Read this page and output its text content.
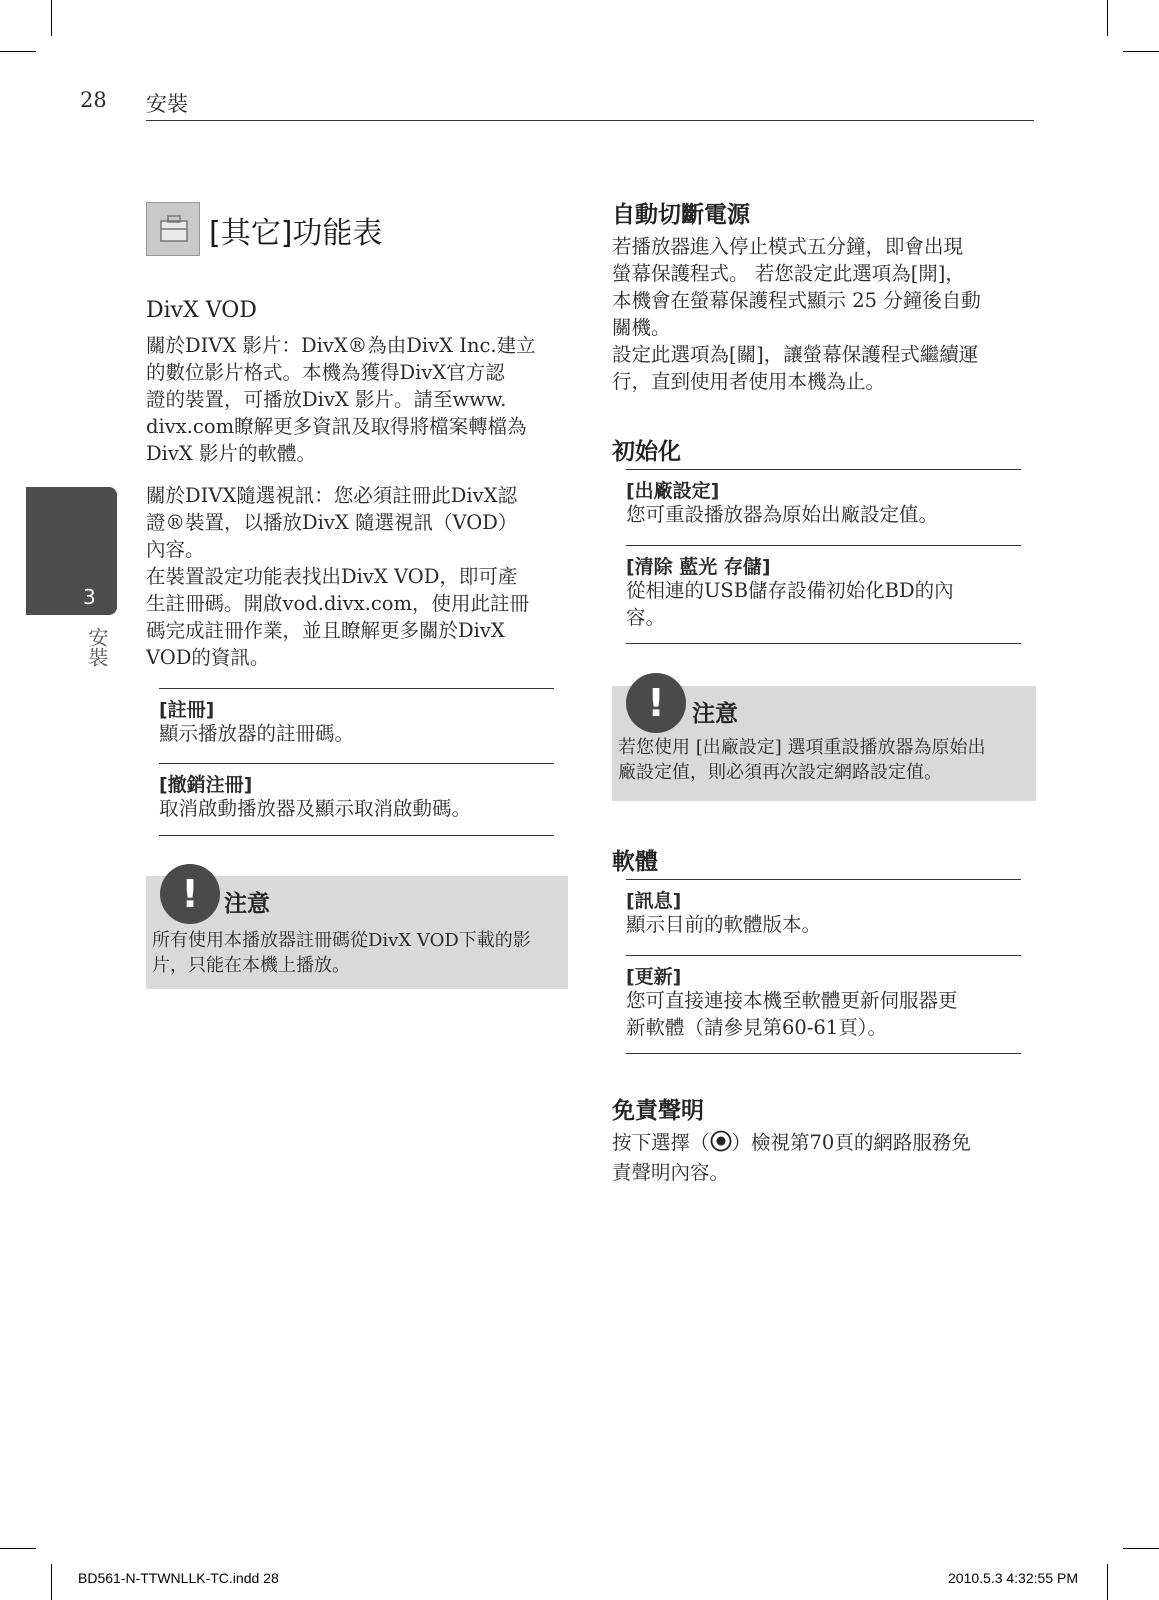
28 安裝
3
安裝
[其它]功能表
DivX VOD
關於DIVX 影片：DivX®為由DivX Inc.建立
的數位影片格式。本機為獲得DivX官方認
證的裝置，可播放DivX 影片。請至www.
divx.com瞭解更多資訊及取得將檔案轉檔為
DivX 影片的軟體。
關於DIVX隨選視訊：您必須註冊此DivX認
證®裝置，以播放DivX 隨選視訊（VOD）
內容。
在裝置設定功能表找出DivX VOD，即可產
生註冊碼。開啟vod.divx.com，使用此註冊
碼完成註冊作業，並且瞭解更多關於DivX
VOD的資訊。
[註冊]
顯示播放器的註冊碼。
[撤銷注冊]
取消啟動播放器及顯示取消啟動碼。
!	注意
所有使用本播放器註冊碼從DivX VOD下載的影
片，只能在本機上播放。
自動切斷電源
若播放器進入停止模式五分鐘，即會出現
螢幕保護程式。 若您設定此選項為[開]，
本機會在螢幕保護程式顯示 25 分鐘後自動
關機。
設定此選項為[關]，讓螢幕保護程式繼續運
行，直到使用者使用本機為止。
初始化
[出廠設定]
您可重設播放器為原始出廠設定值。
[清除 藍光 存儲]
從相連的USB儲存設備初始化BD的內
容。
!	注意
若您使用 [出廠設定] 選項重設播放器為原始出
廠設定值，則必須再次設定網路設定值。
軟體
[訊息]
顯示目前的軟體版本。
[更新]
您可直接連接本機至軟體更新伺服器更
新軟體（請參見第60-61頁）。
免責聲明
按下選擇（ ）檢視第70頁的網路服務免
責聲明內容。
BD561-N-TTWNLLK-TC.indd 28	2010.5.3 4:32:55 PM
